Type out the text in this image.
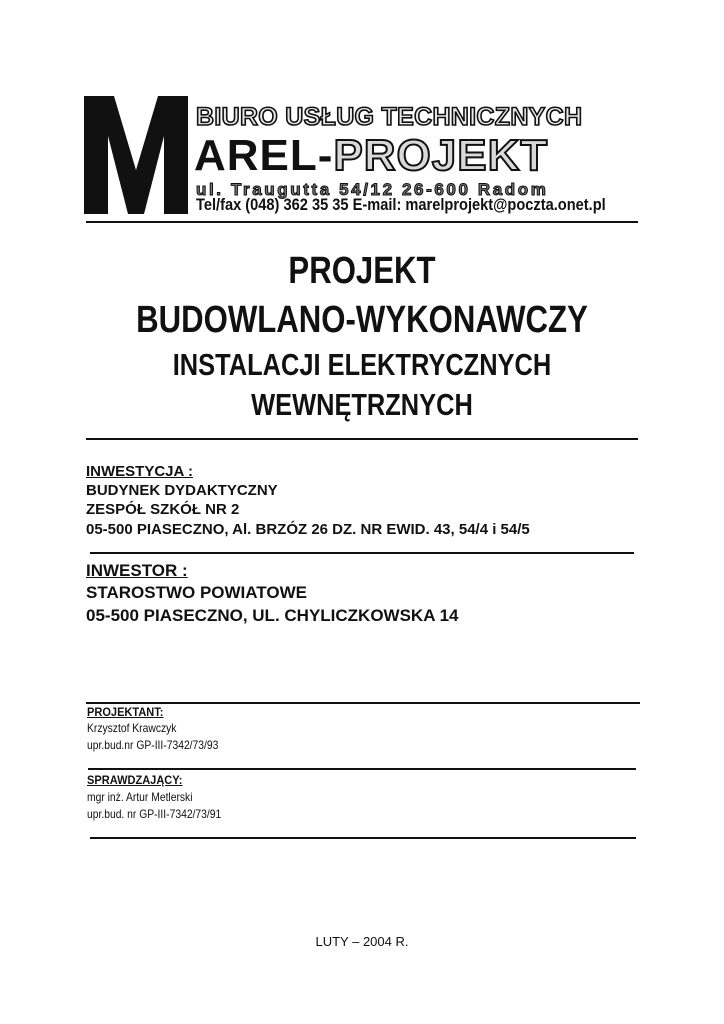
BIURO USŁUG TECHNICZNYCH
AREL-PROJEKT
ul. Traugutta 54/12 26-600 Radom
Tel/fax (048) 362 35 35 E-mail: marelprojekt@poczta.onet.pl
PROJEKT
BUDOWLANO-WYKONAWCZY
INSTALACJI ELEKTRYCZNYCH
WEWNĘTRZNYCH
INWESTYCJA :
BUDYNEK DYDAKTYCZNY
ZESPÓŁ SZKÓŁ NR 2
05-500 PIASECZNO, Al. BRZÓZ 26 DZ. NR EWID. 43, 54/4 i 54/5
INWESTOR :
STAROSTWO POWIATOWE
05-500 PIASECZNO, UL. CHYLICZKOWSKA 14
PROJEKTANT:
Krzysztof Krawczyk
upr.bud.nr GP-III-7342/73/93
SPRAWDZAJĄCY:
mgr inż. Artur Metlerski
upr.bud. nr GP-III-7342/73/91
LUTY – 2004 R.
